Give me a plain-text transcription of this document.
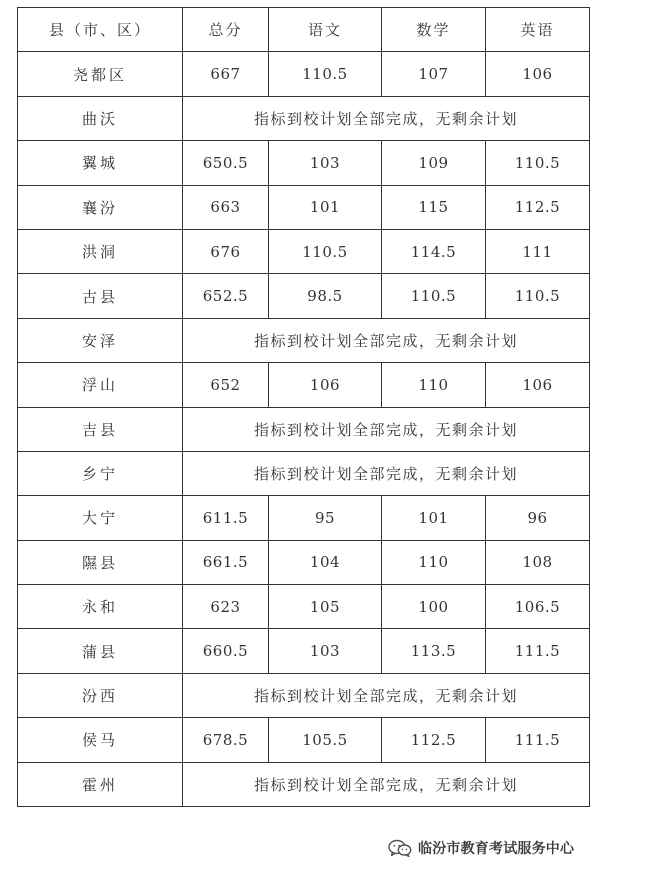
县（市、区）	总分	语文	数学	英语
尧都区	667	110.5	107	106
曲沃	指标到校计划全部完成，无剩余计划			
翼城	650.5	103	109	110.5
襄汾	663	101	115	112.5
洪洞	676	110.5	114.5	111
古县	652.5	98.5	110.5	110.5
安泽	指标到校计划全部完成，无剩余计划			
浮山	652	106	110	106
吉县	指标到校计划全部完成，无剩余计划			
乡宁	指标到校计划全部完成，无剩余计划			
大宁	611.5	95	101	96
隰县	661.5	104	110	108
永和	623	105	100	106.5
蒲县	660.5	103	113.5	111.5
汾西	指标到校计划全部完成，无剩余计划			
侯马	678.5	105.5	112.5	111.5
霍州	指标到校计划全部完成，无剩余计划			
临汾市教育考试服务中心
